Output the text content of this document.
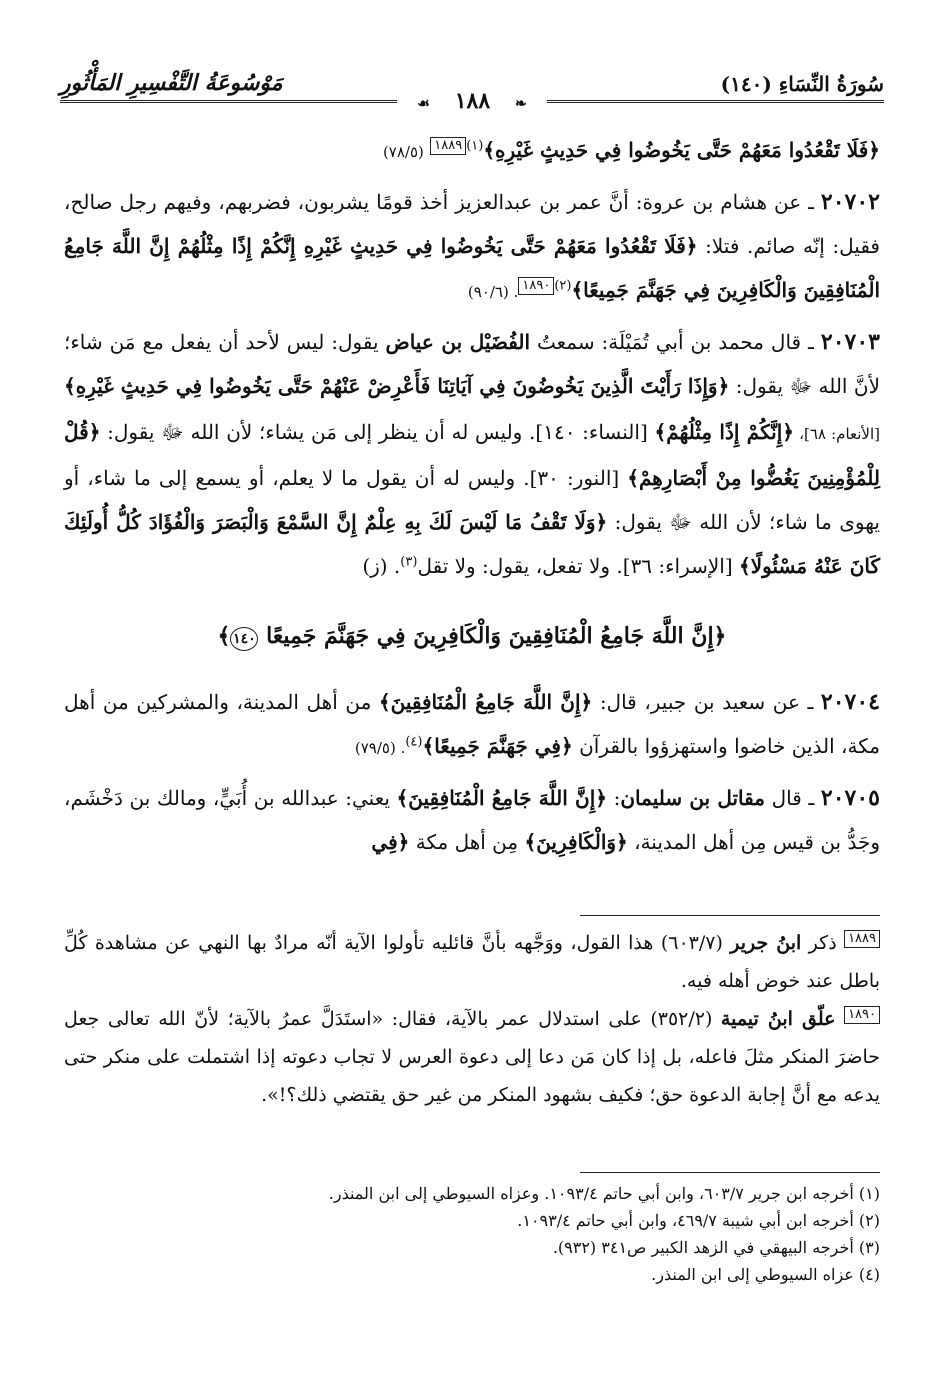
سُورَةُ النِّسَاءِ (١٤٠)
مَوْسُوعَةُ التَّفْسِيرِ المَأْثُورِ
❧ ١٨٨ ☙

﴿فَلَا تَقْعُدُوا مَعَهُمْ حَتَّى يَخُوضُوا فِي حَدِيثٍ غَيْرِهِ﴾$^{(١)}$١٨٨٩ (٧٨/٥)

٢٠٧٠٢ ـ عن هشام بن عروة: أنَّ عمر بن عبدالعزيز أخذ قومًا يشربون، فضربهم، وفيهم رجل صالح، فقيل: إنّه صائم. فتلا: ﴿فَلَا تَقْعُدُوا مَعَهُمْ حَتَّى يَخُوضُوا فِي حَدِيثٍ غَيْرِهِ إِنَّكُمْ إِذًا مِثْلُهُمْ إِنَّ اللَّهَ جَامِعُ الْمُنَافِقِينَ وَالْكَافِرِينَ فِي جَهَنَّمَ جَمِيعًا﴾$^{(٢)}$١٨٩٠. (٩٠/٦)

٢٠٧٠٣ ـ قال محمد بن أبي تُمَيْلَة: سمعتُ الفُضَيْل بن عياض يقول: ليس لأحد أن يفعل مع مَن شاء؛ لأنَّ الله ﷻ يقول: ﴿وَإِذَا رَأَيْتَ الَّذِينَ يَخُوضُونَ فِي آيَاتِنَا فَأَعْرِضْ عَنْهُمْ حَتَّى يَخُوضُوا فِي حَدِيثٍ غَيْرِهِ﴾ [الأنعام: ٦٨]، ﴿إِنَّكُمْ إِذًا مِثْلُهُمْ﴾ [النساء: ١٤٠]. وليس له أن ينظر إلى مَن يشاء؛ لأن الله ﷻ يقول: ﴿قُلْ لِلْمُؤْمِنِينَ يَغُضُّوا مِنْ أَبْصَارِهِمْ﴾ [النور: ٣٠]. وليس له أن يقول ما لا يعلم، أو يسمع إلى ما شاء، أو يهوى ما شاء؛ لأن الله ﷻ يقول: ﴿وَلَا تَقْفُ مَا لَيْسَ لَكَ بِهِ عِلْمٌ إِنَّ السَّمْعَ وَالْبَصَرَ وَالْفُؤَادَ كُلُّ أُولَئِكَ كَانَ عَنْهُ مَسْئُولًا﴾ [الإسراء: ٣٦]. ولا تفعل، يقول: ولا تقل$^{(٣)}$. (ز)

﴿إِنَّ اللَّهَ جَامِعُ الْمُنَافِقِينَ وَالْكَافِرِينَ فِي جَهَنَّمَ جَمِيعًا ١٤٠﴾

٢٠٧٠٤ ـ عن سعيد بن جبير، قال: ﴿إِنَّ اللَّهَ جَامِعُ الْمُنَافِقِينَ﴾ من أهل المدينة، والمشركين من أهل مكة، الذين خاضوا واستهزؤوا بالقرآن ﴿فِي جَهَنَّمَ جَمِيعًا﴾$^{(٤)}$. (٧٩/٥)

٢٠٧٠٥ ـ قال مقاتل بن سليمان: ﴿إِنَّ اللَّهَ جَامِعُ الْمُنَافِقِينَ﴾ يعني: عبدالله بن أُبَيٍّ، ومالك بن دَخْشَم، وجَدُّ بن قيس مِن أهل المدينة، ﴿وَالْكَافِرِينَ﴾ مِن أهل مكة ﴿فِي

١٨٨٩ ذكر ابنُ جرير (٦٠٣/٧) هذا القول، ووَجَّهه بأنَّ قائليه تأولوا الآية أنّه مرادٌ بها النهي عن مشاهدة كُلِّ باطل عند خوض أهله فيه.

١٨٩٠ علّق ابنُ تيمية (٣٥٢/٢) على استدلال عمر بالآية، فقال: «استَدَلَّ عمرُ بالآية؛ لأنّ الله تعالى جعل حاضرَ المنكر مثلَ فاعله، بل إذا كان مَن دعا إلى دعوة العرس لا تجاب دعوته إذا اشتملت على منكر حتى يدعه مع أنَّ إجابة الدعوة حق؛ فكيف بشهود المنكر من غير حق يقتضي ذلك؟!».

(١) أخرجه ابن جرير ٦٠٣/٧، وابن أبي حاتم ١٠٩٣/٤. وعزاه السيوطي إلى ابن المنذر.

(٢) أخرجه ابن أبي شيبة ٤٦٩/٧، وابن أبي حاتم ١٠٩٣/٤.

(٣) أخرجه البيهقي في الزهد الكبير ص٣٤١ (٩٣٢).

(٤) عزاه السيوطي إلى ابن المنذر.
